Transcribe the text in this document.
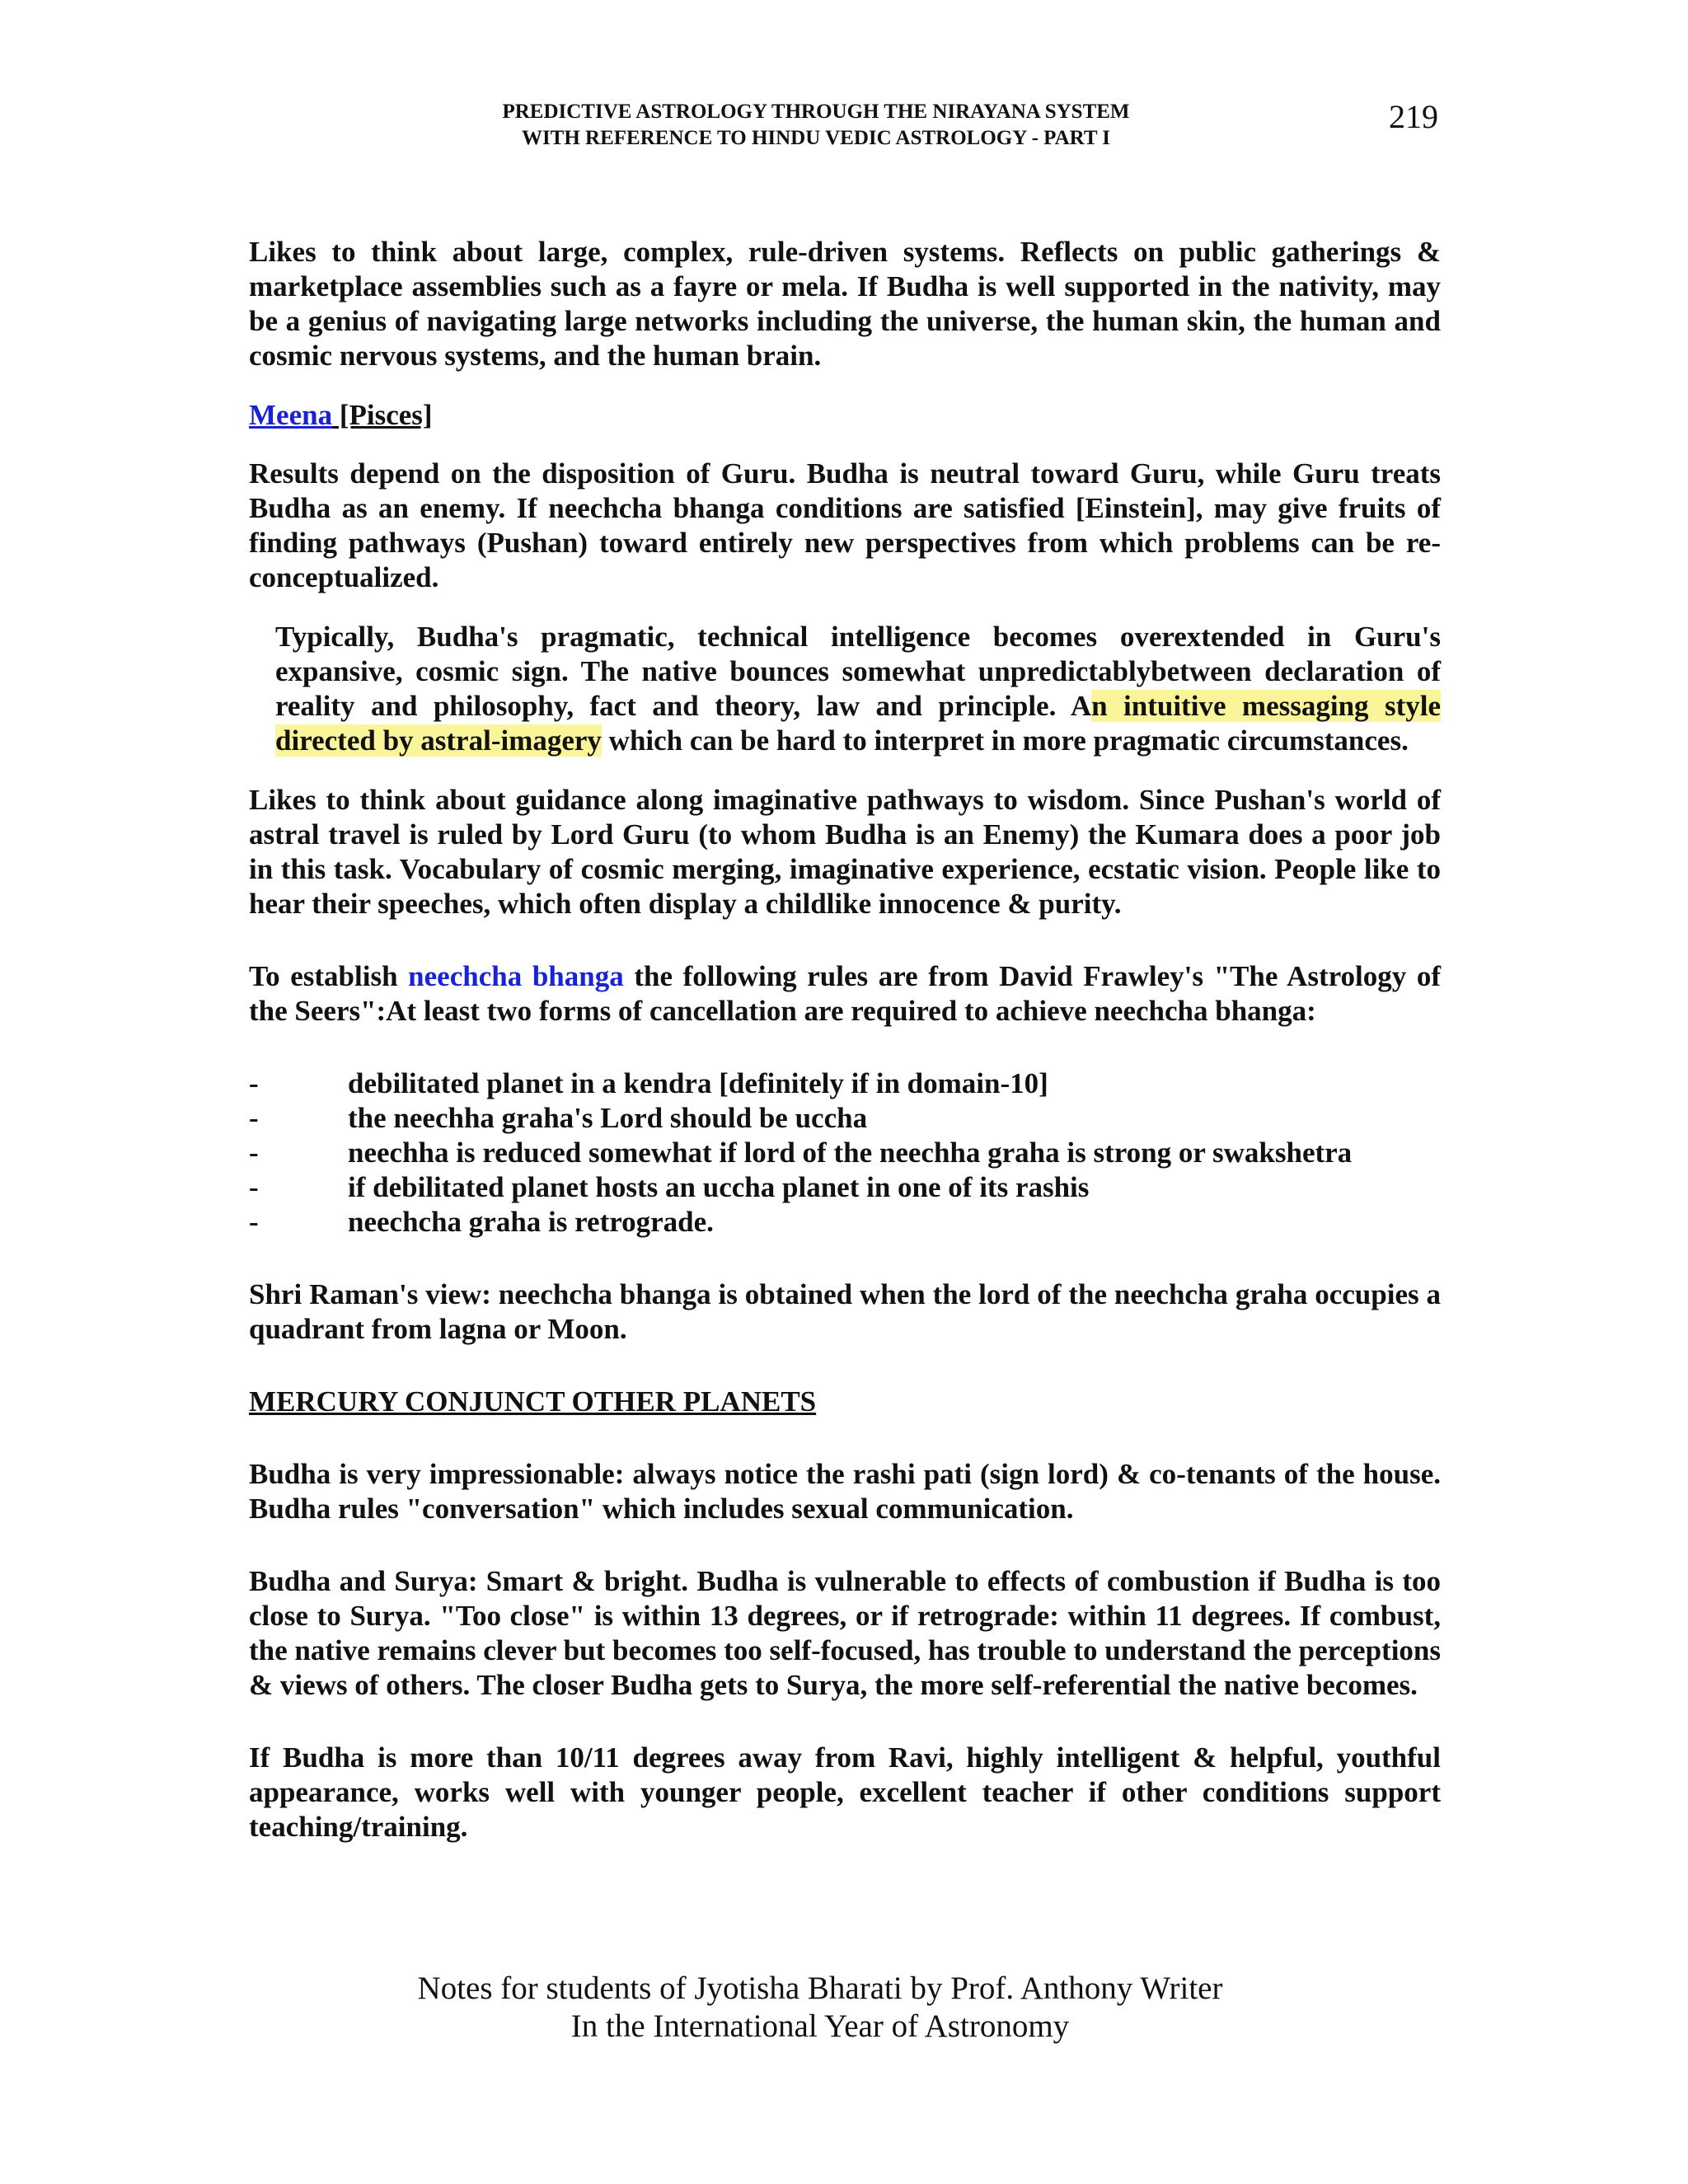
PREDICTIVE ASTROLOGY THROUGH THE NIRAYANA SYSTEM
WITH REFERENCE TO HINDU VEDIC ASTROLOGY - PART I
219

Likes to think about large, complex, rule-driven systems. Reflects on public gatherings & marketplace assemblies such as a fayre or mela. If Budha is well supported in the nativity, may be a genius of navigating large networks including the universe, the human skin, the human and cosmic nervous systems, and the human brain.

Meena [Pisces]

Results depend on the disposition of Guru. Budha is neutral toward Guru, while Guru treats Budha as an enemy. If neechcha bhanga conditions are satisfied [Einstein], may give fruits of finding pathways (Pushan) toward entirely new perspectives from which problems can be re-conceptualized.

Typically, Budha's pragmatic, technical intelligence becomes overextended in Guru's expansive, cosmic sign. The native bounces somewhat unpredictablybetween declaration of reality and philosophy, fact and theory, law and principle. An intuitive messaging style directed by astral-imagery which can be hard to interpret in more pragmatic circumstances.

Likes to think about guidance along imaginative pathways to wisdom. Since Pushan's world of astral travel is ruled by Lord Guru (to whom Budha is an Enemy) the Kumara does a poor job in this task. Vocabulary of cosmic merging, imaginative experience, ecstatic vision. People like to hear their speeches, which often display a childlike innocence & purity.

To establish neechcha bhanga the following rules are from David Frawley's "The Astrology of the Seers":At least two forms of cancellation are required to achieve neechcha bhanga:

-	debilitated planet in a kendra [definitely if in domain-10]
-	the neechha graha's Lord should be uccha
-	neechha is reduced somewhat if lord of the neechha graha is strong or swakshetra
-	if debilitated planet hosts an uccha planet in one of its rashis
-	neechcha graha is retrograde.

Shri Raman's view: neechcha bhanga is obtained when the lord of the neechcha graha occupies a quadrant from lagna or Moon.

MERCURY CONJUNCT OTHER PLANETS

Budha is very impressionable: always notice the rashi pati (sign lord) & co-tenants of the house. Budha rules "conversation" which includes sexual communication.

Budha and Surya: Smart & bright. Budha is vulnerable to effects of combustion if Budha is too close to Surya. "Too close" is within 13 degrees, or if retrograde: within 11 degrees. If combust, the native remains clever but becomes too self-focused, has trouble to understand the perceptions & views of others. The closer Budha gets to Surya, the more self-referential the native becomes.

If Budha is more than 10/11 degrees away from Ravi, highly intelligent & helpful, youthful appearance, works well with younger people, excellent teacher if other conditions support teaching/training.

Notes for students of Jyotisha Bharati by Prof. Anthony Writer
In the International Year of Astronomy
